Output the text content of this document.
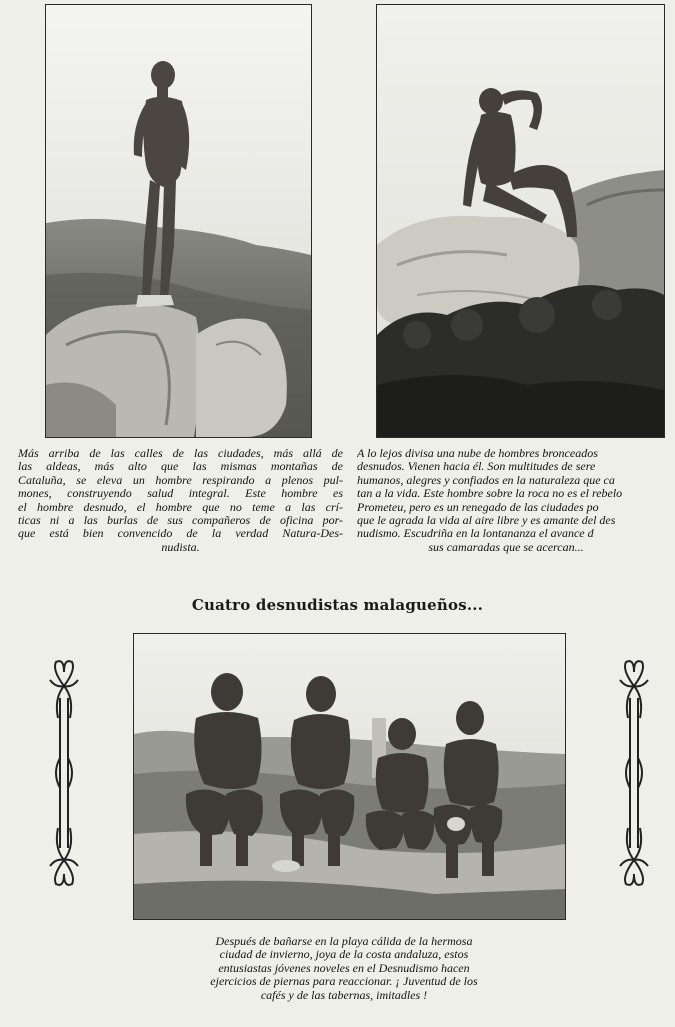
Más arriba de las calles de las ciudades, más allá de

las aldeas, más alto que las mismas montañas de

Cataluña, se eleva un hombre respirando a plenos pul-

mones, construyendo salud integral. Este hombre es

el hombre desnudo, el hombre que no teme a las crí-

ticas ni a las burlas de sus compañeros de oficina por-

que está bien convencido de la verdad Natura-Des-

nudista.

A lo lejos divisa una nube de hombres bronceados

desnudos. Vienen hacia él. Son multitudes de sere

humanos, alegres y confiados en la naturaleza que ca

tan a la vida. Este hombre sobre la roca no es el rebelo

Prometeu, pero es un renegado de las ciudades po

que le agrada la vida al aire libre y es amante del des

nudismo. Escudriña en la lontananza el avance d

sus camaradas que se acercan...

Cuatro desnudistas malagueños...

Después de bañarse en la playa cálida de la hermosa

ciudad de invierno, joya de la costa andaluza, estos

entusiastas jóvenes noveles en el Desnudismo hacen

ejercicios de piernas para reaccionar. ¡ Juventud de los

cafés y de las tabernas, imitadles !
